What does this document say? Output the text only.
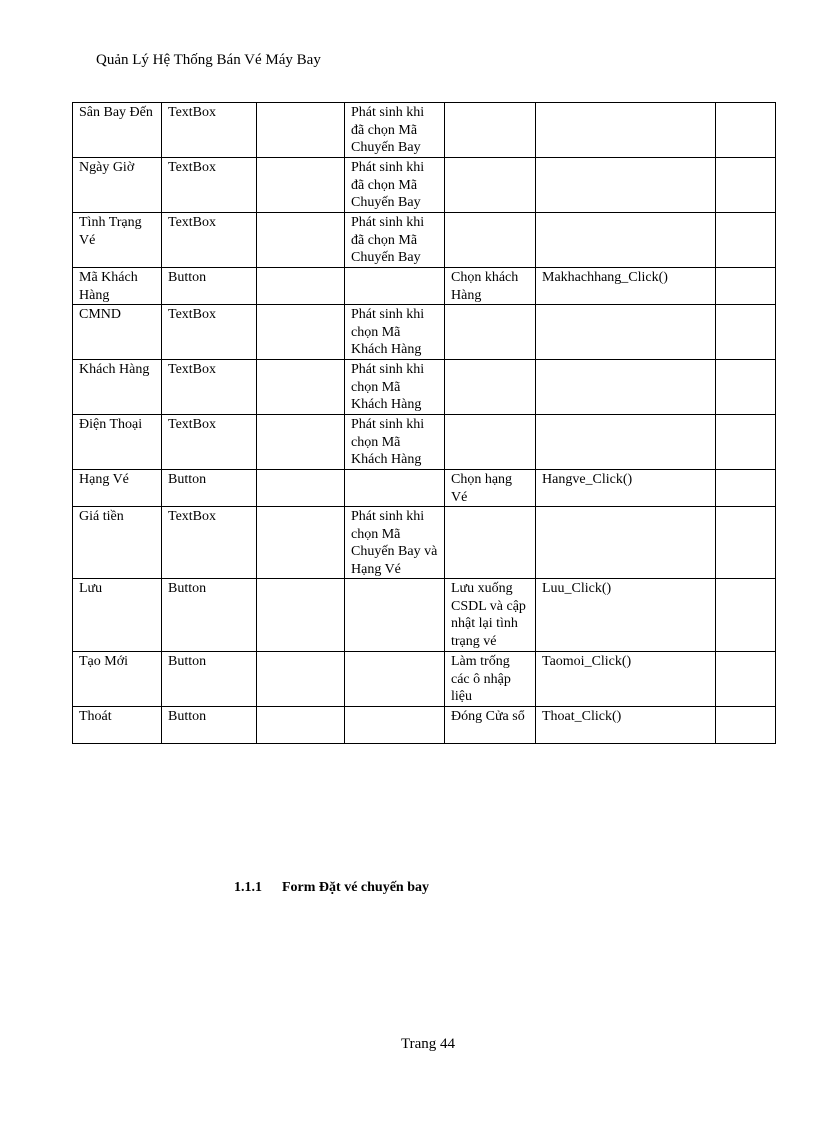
Quản Lý Hệ Thống Bán Vé Máy Bay
Sân Bay Đến	TextBox		Phát sinh khi đã chọn Mã Chuyến Bay			
Ngày Giờ	TextBox		Phát sinh khi đã chọn Mã Chuyến Bay			
Tình Trạng Vé	TextBox		Phát sinh khi đã chọn Mã Chuyến Bay			
Mã Khách Hàng	Button			Chọn khách Hàng	Makhachhang_Click()	
CMND	TextBox		Phát sinh khi chọn Mã Khách Hàng			
Khách Hàng	TextBox		Phát sinh khi chọn Mã Khách Hàng			
Điện Thoại	TextBox		Phát sinh khi chọn Mã Khách Hàng			
Hạng Vé	Button			Chọn hạng Vé	Hangve_Click()	
Giá tiền	TextBox		Phát sinh khi chọn Mã Chuyến Bay và Hạng Vé			
Lưu	Button			Lưu xuống CSDL và cập nhật lại tình trạng vé	Luu_Click()	
Tạo Mới	Button			Làm trống các ô nhập liệu	Taomoi_Click()	
Thoát	Button			Đóng Cửa sổ	Thoat_Click()	
1.1.1 Form Đặt vé chuyến bay
Trang 44
